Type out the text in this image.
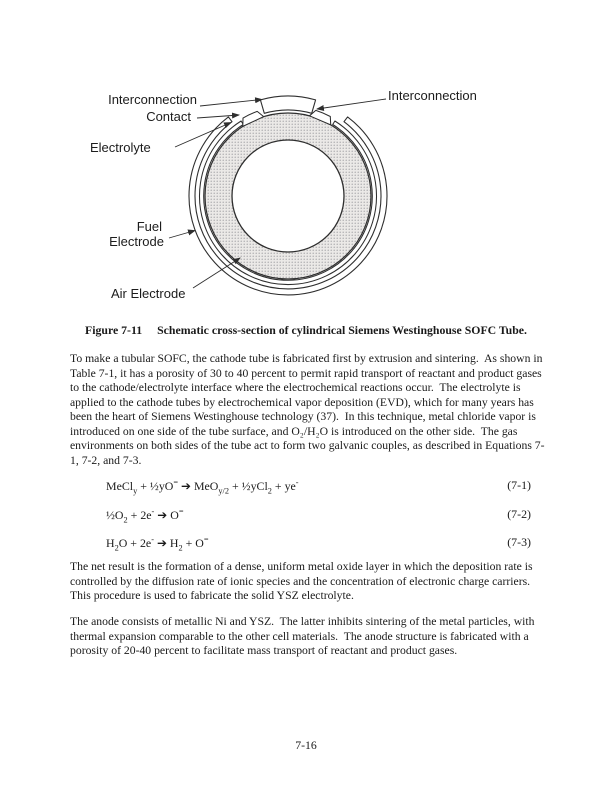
Interconnection
Contact
Electrolyte
Fuel
Electrode
Air Electrode
Interconnection
Figure 7-11 Schematic cross-section of cylindrical Siemens Westinghouse SOFC Tube.

To make a tubular SOFC, the cathode tube is fabricated first by extrusion and sintering.  As shown in Table 7-1, it has a porosity of 30 to 40 percent to permit rapid transport of reactant and product gases to the cathode/electrolyte interface where the electrochemical reactions occur.  The electrolyte is applied to the cathode tubes by electrochemical vapor deposition (EVD), which for many years has been the heart of Siemens Westinghouse technology (37).  In this technique, metal chloride vapor is introduced on one side of the tube surface, and O₂/H₂O is introduced on the other side.  The gas environments on both sides of the tube act to form two galvanic couples, as described in Equations 7-1, 7-2, and 7-3.

MeCl$_y$ + ½yO= ➔ MeO$_{y/2}$ + ½yCl$_2$ + ye-	(7-1)
$\frac{1}{2}O_2 + 2e^-$ ➔ O=	(7-2)
$H_2O + 2e^-$ ➔ $H_2 + O^=$	(7-3)

The net result is the formation of a dense, uniform metal oxide layer in which the deposition rate is controlled by the diffusion rate of ionic species and the concentration of electronic charge carriers.  This procedure is used to fabricate the solid YSZ electrolyte.

The anode consists of metallic Ni and YSZ.  The latter inhibits sintering of the metal particles, with thermal expansion comparable to the other cell materials.  The anode structure is fabricated with a porosity of 20-40 percent to facilitate mass transport of reactant and product gases.

7-16
